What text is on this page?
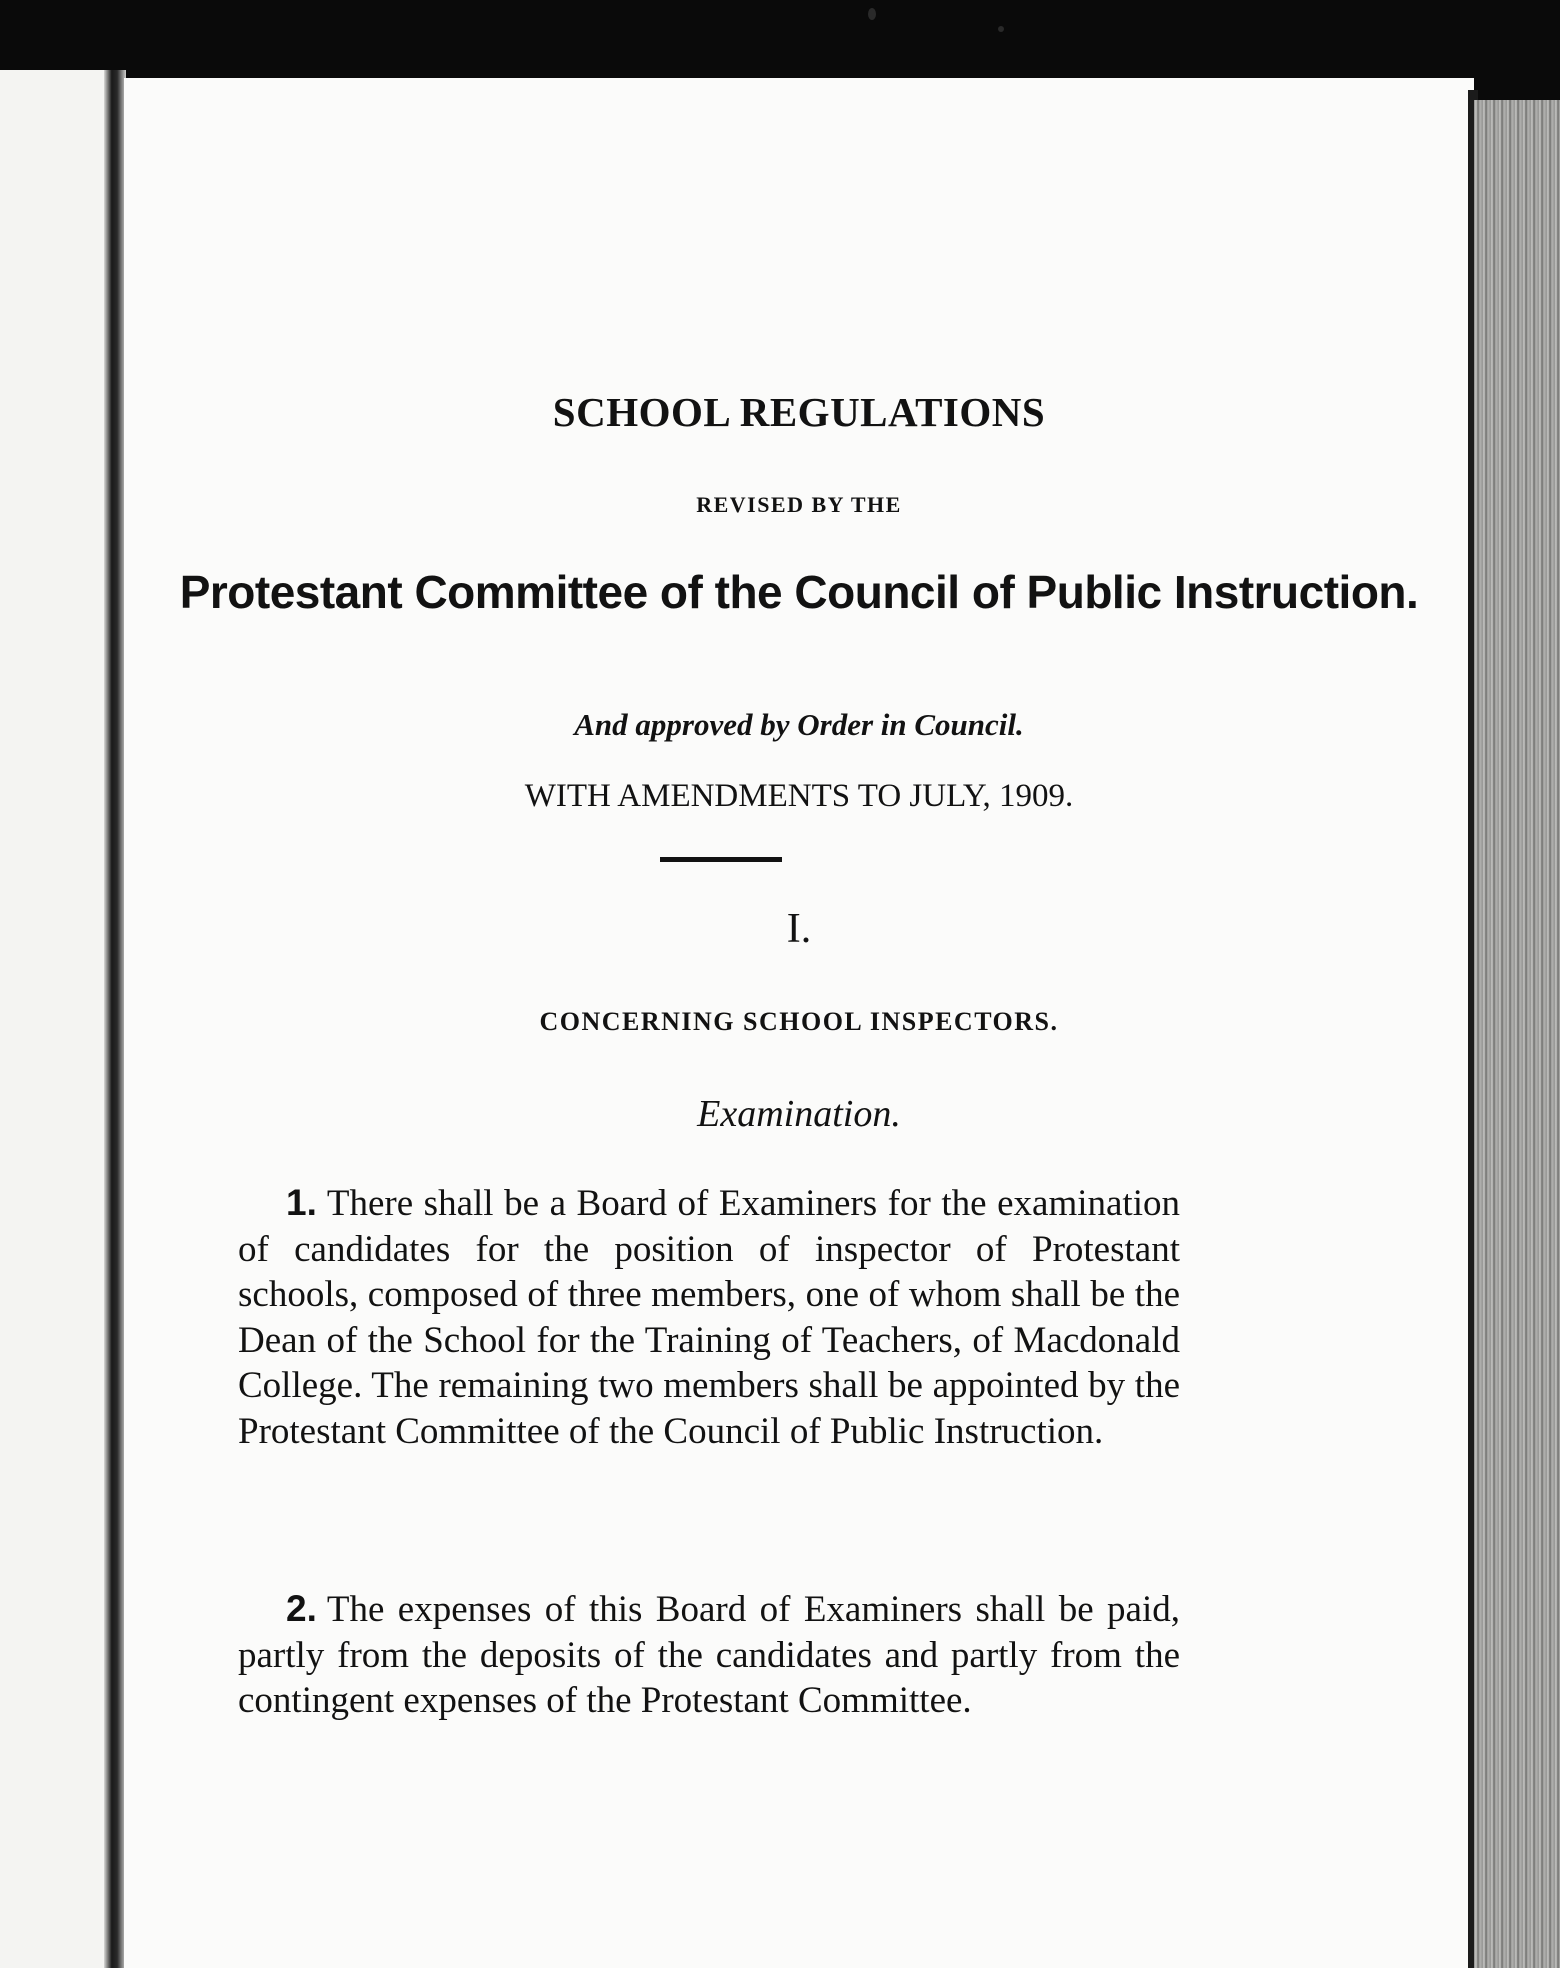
SCHOOL REGULATIONS
REVISED BY THE
Protestant Committee of the Council of Public Instruction.
And approved by Order in Council.
WITH AMENDMENTS TO JULY, 1909.
I.
CONCERNING SCHOOL INSPECTORS.
Examination.

1. There shall be a Board of Examiners for the examination of candidates for the position of inspector of Protestant schools, composed of three members, one of whom shall be the Dean of the School for the Training of Teachers, of Macdonald College. The remaining two members shall be appointed by the Protestant Committee of the Council of Public Instruction.

2. The expenses of this Board of Examiners shall be paid, partly from the deposits of the candidates and partly from the contingent expenses of the Protestant Committee.
